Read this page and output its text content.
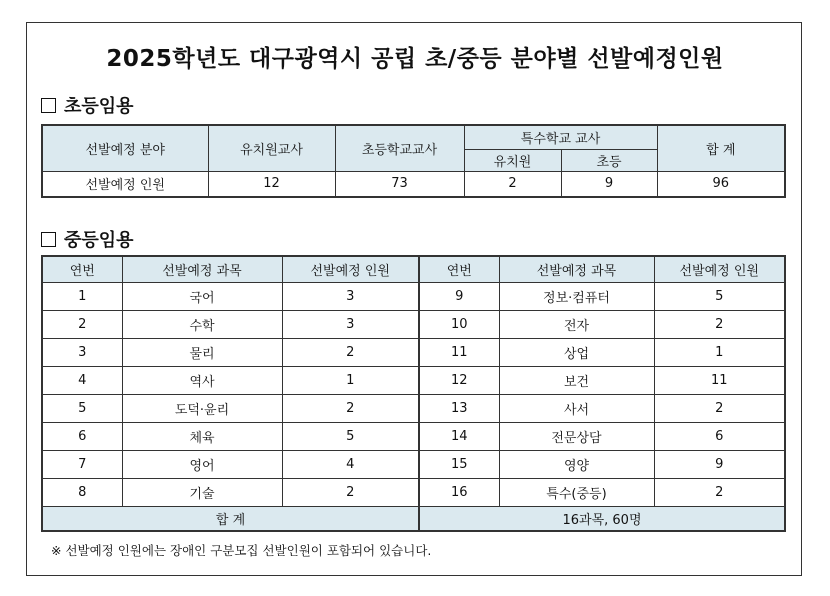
2025학년도 대구광역시 공립 초/중등 분야별 선발예정인원
초등임용
선발예정 분야	유치원교사	초등학교교사	특수학교 교사		합 계
			유치원	초등	
선발예정 인원	12	73	2	9	96
중등임용
연번	선발예정 과목	선발예정 인원	연번	선발예정 과목	선발예정 인원
1	국어	3	9	정보·컴퓨터	5
2	수학	3	10	전자	2
3	물리	2	11	상업	1
4	역사	1	12	보건	11
5	도덕·윤리	2	13	사서	2
6	체육	5	14	전문상담	6
7	영어	4	15	영양	9
8	기술	2	16	특수(중등)	2
합 계			16과목, 60명		
※ 선발예정 인원에는 장애인 구분모집 선발인원이 포함되어 있습니다.
